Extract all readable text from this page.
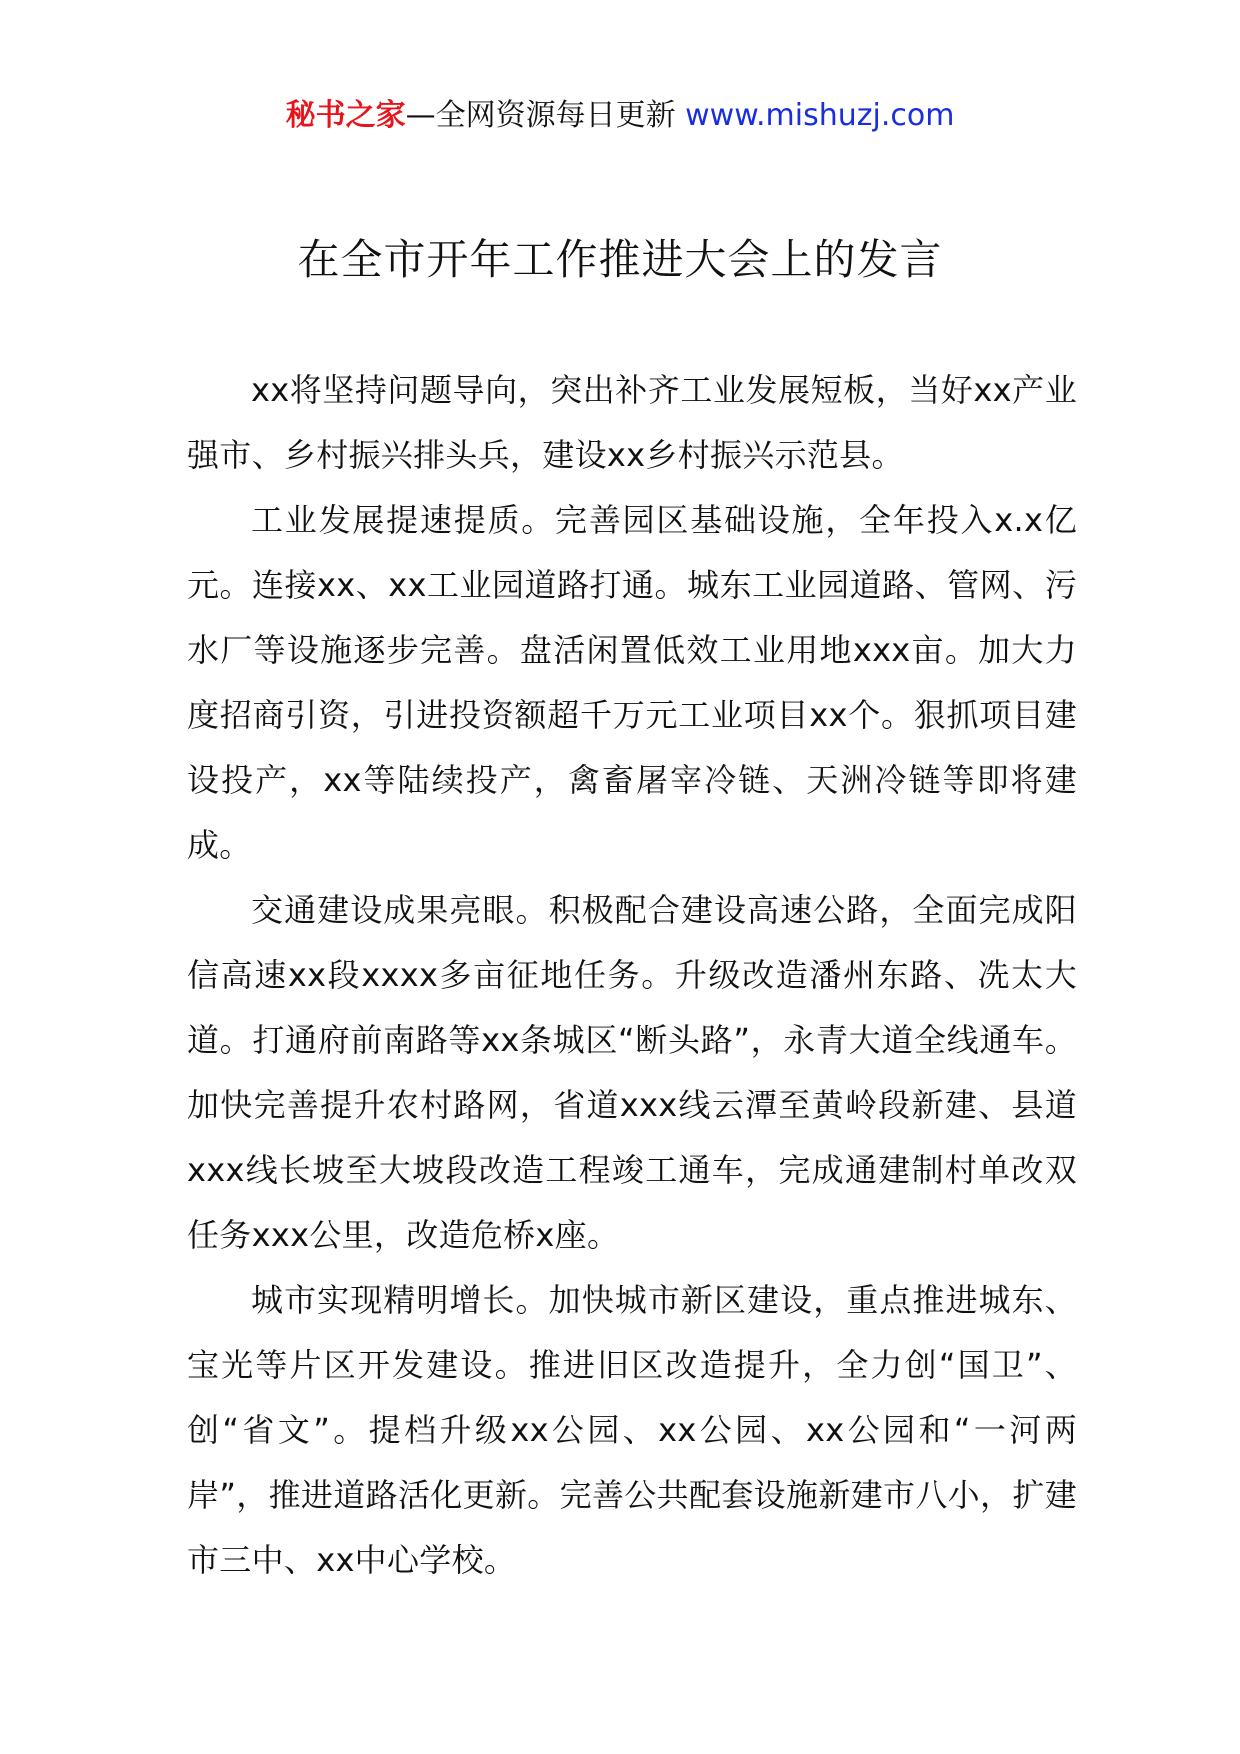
秘书之家—全网资源每日更新 www.mishuzj.com
在全市开年工作推进大会上的发言

xx将坚持问题导向，突出补齐工业发展短板，当好xx产业强市、乡村振兴排头兵，建设xx乡村振兴示范县。

工业发展提速提质。完善园区基础设施，全年投入x.x亿元。连接xx、xx工业园道路打通。城东工业园道路、管网、污水厂等设施逐步完善。盘活闲置低效工业用地xxx亩。加大力度招商引资，引进投资额超千万元工业项目xx个。狠抓项目建设投产，xx等陆续投产，禽畜屠宰冷链、天洲冷链等即将建成。

交通建设成果亮眼。积极配合建设高速公路，全面完成阳信高速xx段xxxx多亩征地任务。升级改造潘州东路、冼太大道。打通府前南路等xx条城区“断头路”，永青大道全线通车。加快完善提升农村路网，省道xxx线云潭至黄岭段新建、县道xxx线长坡至大坡段改造工程竣工通车，完成通建制村单改双任务xxx公里，改造危桥x座。

城市实现精明增长。加快城市新区建设，重点推进城东、宝光等片区开发建设。推进旧区改造提升，全力创“国卫”、创“省文”。提档升级xx公园、xx公园、xx公园和“一河两岸”，推进道路活化更新。完善公共配套设施新建市八小，扩建市三中、xx中心学校。
